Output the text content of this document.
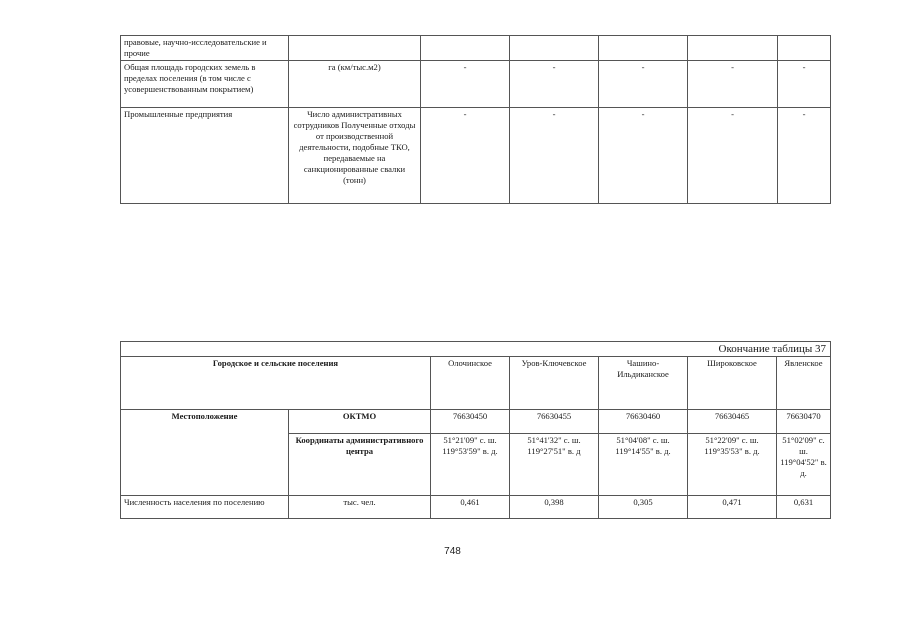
правовые, научно-исследовательские и прочие						
Общая площадь городских земель в пределах поселения (в том числе с усовершенствованным покрытием)	га (км/тыс.м2)	-	-	-	-	-
Промышленные предприятия	Число административных сотрудников Полученные отходы от производственной деятельности, подобные ТКО, передаваемые на санкционированные свалки (тонн)	-	-	-	-	-
Окончание таблицы 37						
Городское и сельские поселения		Олочинское	Уров-Ключевское	Чашино-Ильдиканское	Широковское	Явленское
Местоположение	ОКТМО	76630450	76630455	76630460	76630465	76630470
	Координаты административного центра	51°21'09" с. ш. 119°53'59" в. д.	51°41'32" с. ш. 119°27'51" в. д	51°04'08" с. ш. 119°14'55" в. д.	51°22'09" с. ш. 119°35'53" в. д.	51°02'09" с. ш. 119°04'52" в. д.
Численность населения по поселению	тыс. чел.	0,461	0,398	0,305	0,471	0,631
748
